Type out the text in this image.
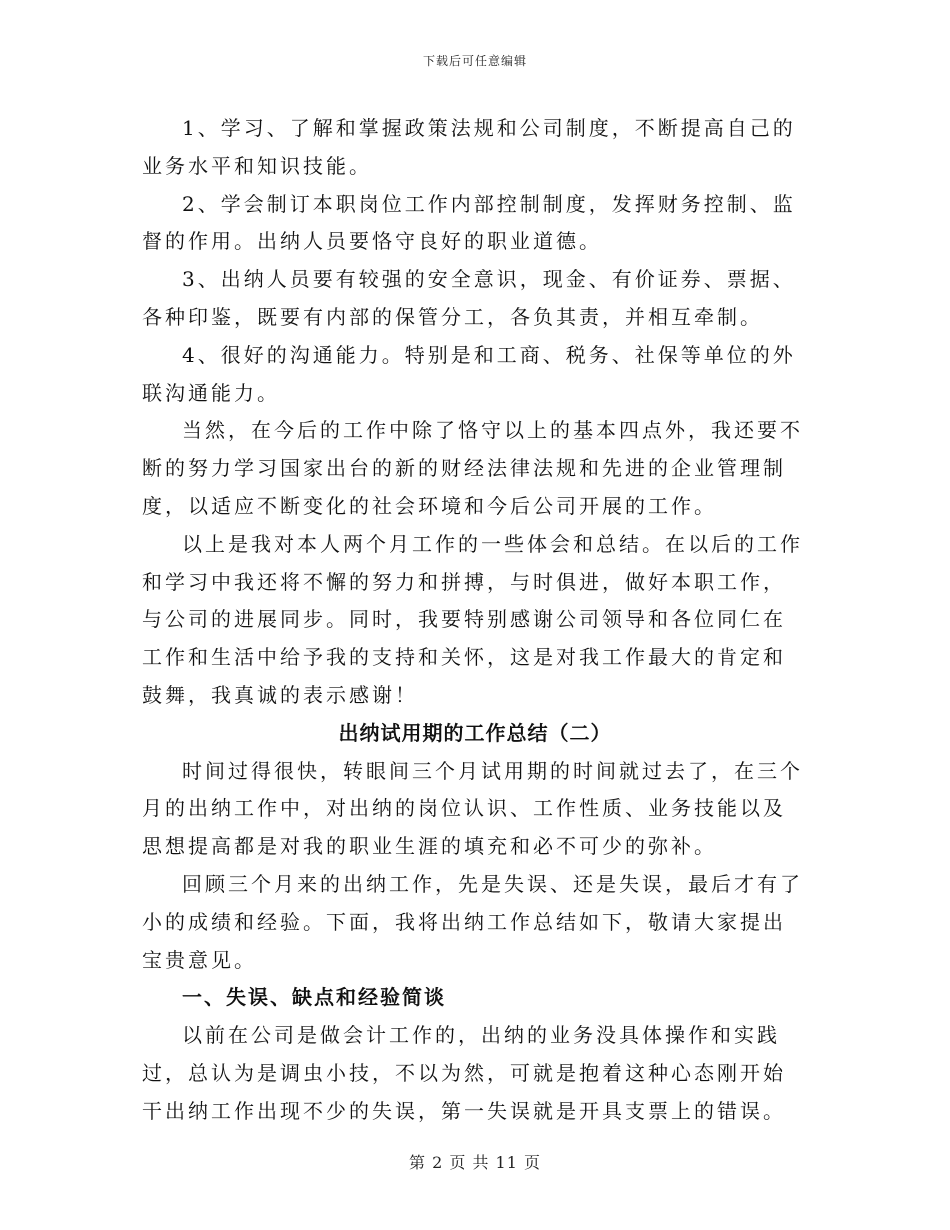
下载后可任意编辑

1、学习、了解和掌握政策法规和公司制度，不断提高自己的业务水平和知识技能。

2、学会制订本职岗位工作内部控制制度，发挥财务控制、监督的作用。出纳人员要恪守良好的职业道德。

3、出纳人员要有较强的安全意识，现金、有价证券、票据、各种印鉴，既要有内部的保管分工，各负其责，并相互牵制。

4、很好的沟通能力。特别是和工商、税务、社保等单位的外联沟通能力。

当然，在今后的工作中除了恪守以上的基本四点外，我还要不断的努力学习国家出台的新的财经法律法规和先进的企业管理制度，以适应不断变化的社会环境和今后公司开展的工作。

以上是我对本人两个月工作的一些体会和总结。在以后的工作和学习中我还将不懈的努力和拼搏，与时俱进，做好本职工作，与公司的进展同步。同时，我要特别感谢公司领导和各位同仁在工作和生活中给予我的支持和关怀，这是对我工作最大的肯定和鼓舞，我真诚的表示感谢！

出纳试用期的工作总结（二）

时间过得很快，转眼间三个月试用期的时间就过去了，在三个月的出纳工作中，对出纳的岗位认识、工作性质、业务技能以及思想提高都是对我的职业生涯的填充和必不可少的弥补。

回顾三个月来的出纳工作，先是失误、还是失误，最后才有了小的成绩和经验。下面，我将出纳工作总结如下，敬请大家提出宝贵意见。

一、失误、缺点和经验简谈

以前在公司是做会计工作的，出纳的业务没具体操作和实践过，总认为是调虫小技，不以为然，可就是抱着这种心态刚开始干出纳工作出现不少的失误，第一失误就是开具支票上的错误。

第 2 页 共 11 页
